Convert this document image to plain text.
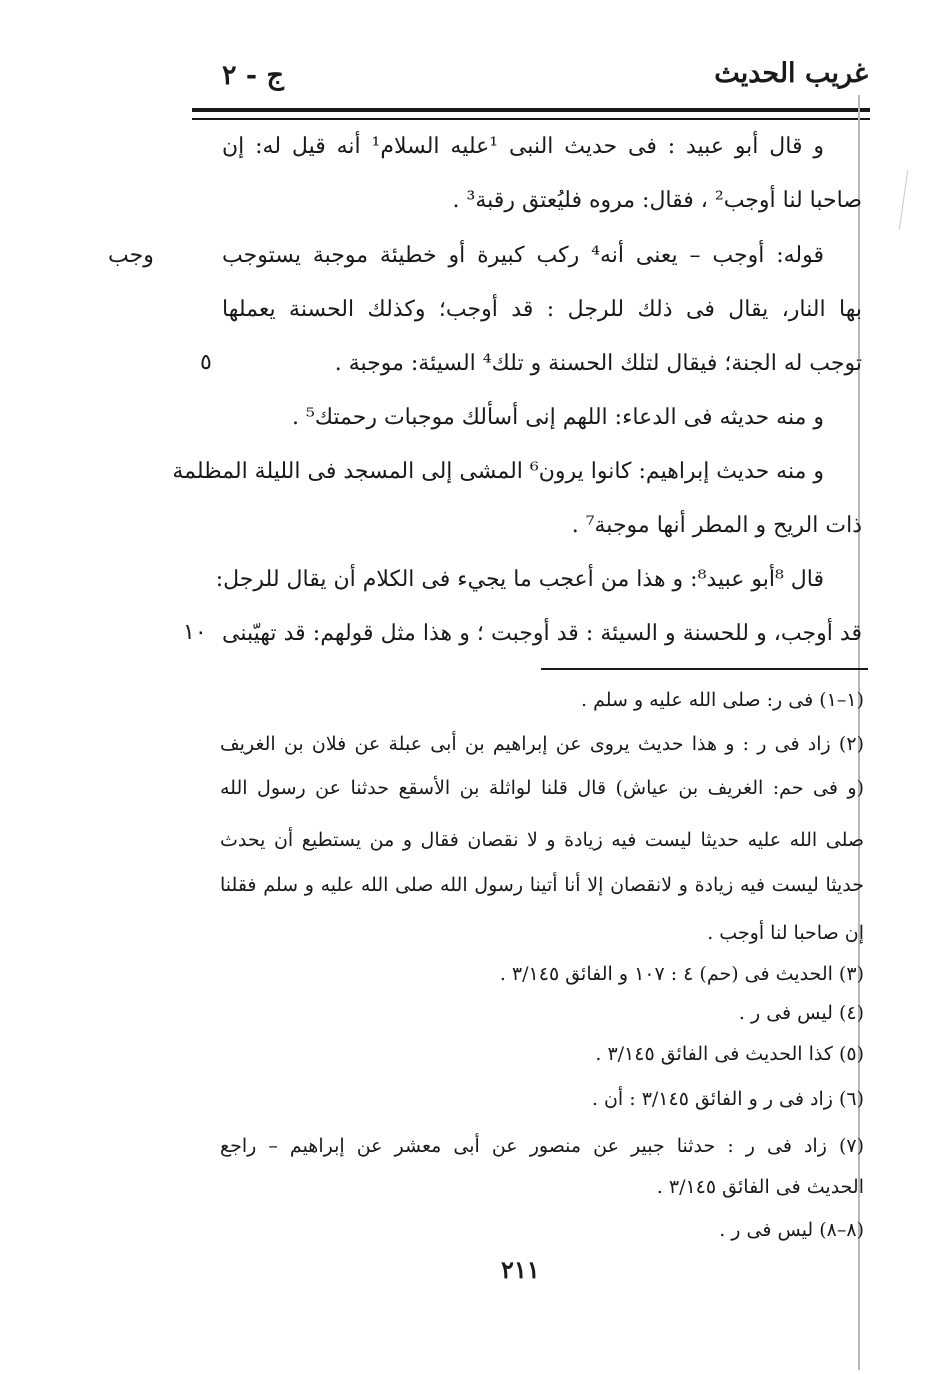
غريب الحديث
ج - ٢
و قال أبو عبيد : فى حديث النبى ¹عليه السلام¹ أنه قيل له: إن
صاحبا لنا أوجب² ، فقال: مروه فليُعتق رقبة³ .
قوله: أوجب – يعنى أنه⁴ ركب كبيرة أو خطيئة موجبة يستوجب
بها النار، يقال فى ذلك للرجل : قد أوجب؛ وكذلك الحسنة يعملها
توجب له الجنة؛ فيقال لتلك الحسنة و تلك⁴ السيئة: موجبة .
و منه حديثه فى الدعاء: اللهم إنى أسألك موجبات رحمتك⁵ .
و منه حديث إبراهيم: كانوا يرون⁶ المشى إلى المسجد فى الليلة المظلمة
ذات الريح و المطر أنها موجبة⁷ .
قال ⁸أبو عبيد⁸: و هذا من أعجب ما يجيء فى الكلام أن يقال للرجل:
قد أوجب، و للحسنة و السيئة : قد أوجبت ؛ و هذا مثل قولهم: قد تهيّبنى
وجب
٥
١٠
(١–١) فى ر: صلى الله عليه و سلم .
(٢) زاد فى ر : و هذا حديث يروى عن إبراهيم بن أبى عبلة عن فلان بن الغريف
(و فى حم: الغريف بن عياش) قال قلنا لواثلة بن الأسقع حدثنا عن رسول الله
صلى الله عليه حديثا ليست فيه زيادة و لا نقصان فقال و من يستطيع أن يحدث
حديثا ليست فيه زيادة و لانقصان إلا أنا أتينا رسول الله صلى الله عليه و سلم فقلنا
إن صاحبا لنا أوجب .
(٣) الحديث فى (حم) ٤ : ١٠٧ و الفائق ٣/١٤٥ .
(٤) ليس فى ر .
(٥) كذا الحديث فى الفائق ٣/١٤٥ .
(٦) زاد فى ر و الفائق ٣/١٤٥ : أن .
(٧) زاد فى ر : حدثنا جبير عن منصور عن أبى معشر عن إبراهيم – راجع
الحديث فى الفائق ٣/١٤٥ .
(٨–٨) ليس فى ر .
٢١١
